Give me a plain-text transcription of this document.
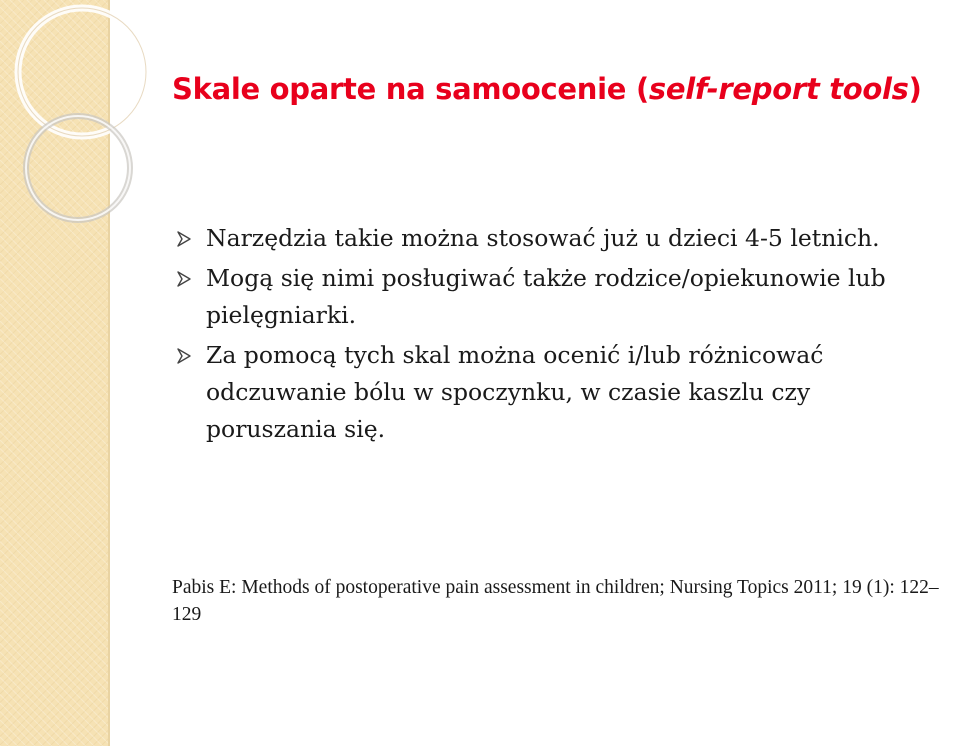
Skale oparte na samoocenie (self-report tools)
Narzędzia takie można stosować już u dzieci 4-5 letnich.
Mogą się nimi posługiwać także rodzice/opiekunowie lub pielęgniarki.
Za pomocą tych skal można ocenić i/lub różnicować odczuwanie bólu w spoczynku, w czasie kaszlu czy poruszania się.

Pabis E: Methods of postoperative pain assessment in children; Nursing Topics 2011; 19 (1): 122–129
